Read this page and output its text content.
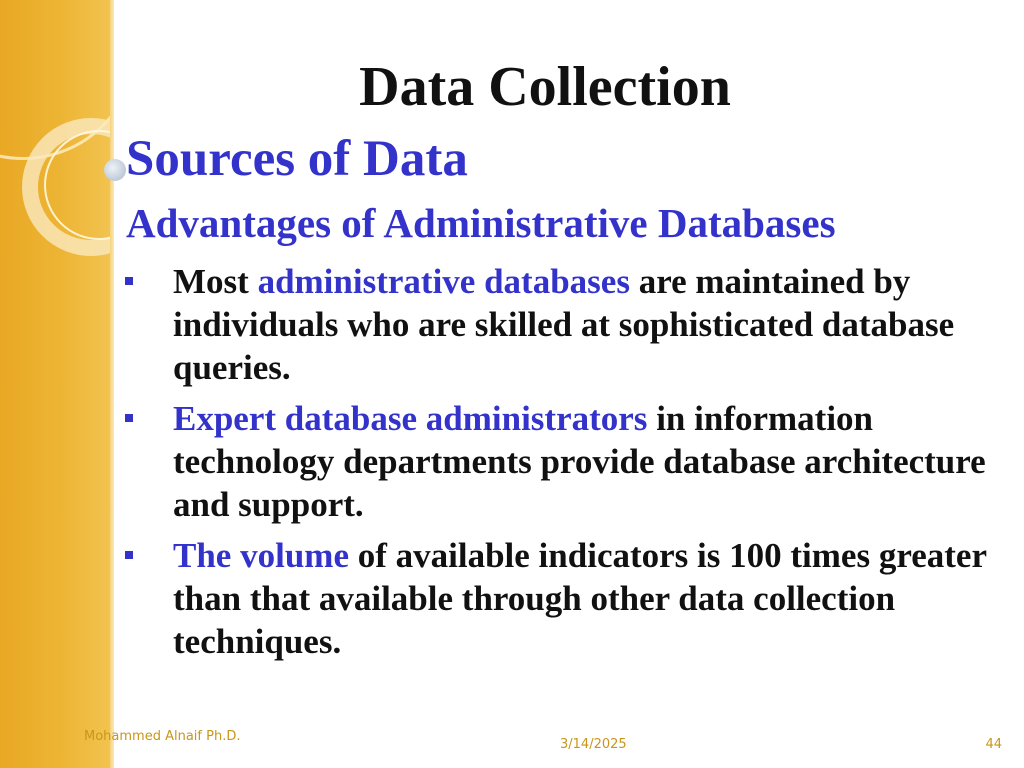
Data Collection
Sources of Data
Advantages of Administrative Databases
Most administrative databases are maintained by individuals who are skilled at sophisticated database queries.
Expert database administrators in information technology departments provide database architecture and support.
The volume of available indicators is 100 times greater than that available through other data collection techniques.
Mohammed Alnaif Ph.D.
3/14/2025	44
